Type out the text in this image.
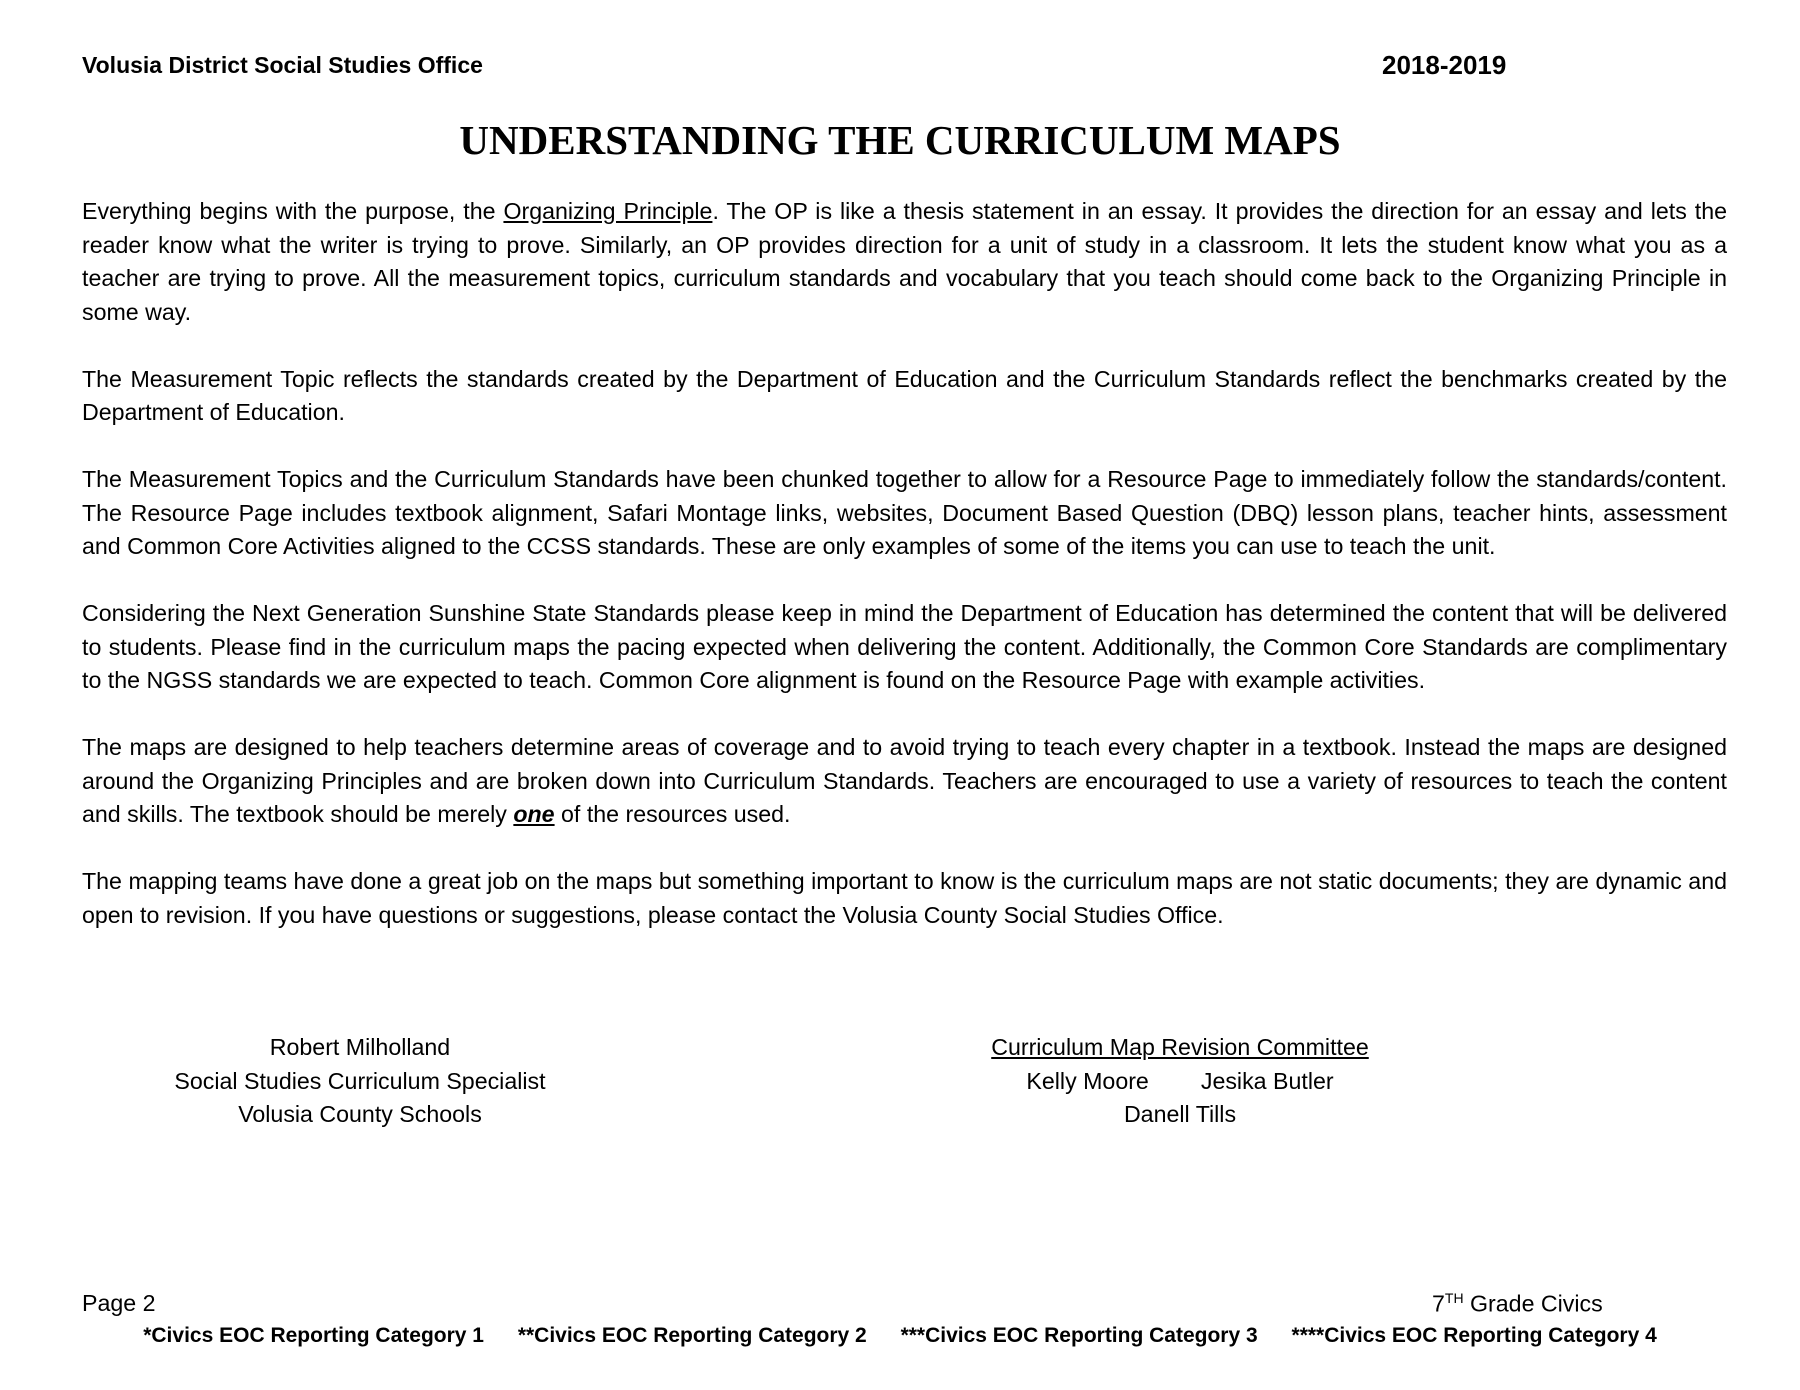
Volusia District Social Studies Office	2018-2019
UNDERSTANDING THE CURRICULUM MAPS

Everything begins with the purpose, the Organizing Principle. The OP is like a thesis statement in an essay. It provides the direction for an essay and lets the reader know what the writer is trying to prove. Similarly, an OP provides direction for a unit of study in a classroom. It lets the student know what you as a teacher are trying to prove. All the measurement topics, curriculum standards and vocabulary that you teach should come back to the Organizing Principle in some way.

The Measurement Topic reflects the standards created by the Department of Education and the Curriculum Standards reflect the benchmarks created by the Department of Education.

The Measurement Topics and the Curriculum Standards have been chunked together to allow for a Resource Page to immediately follow the standards/content. The Resource Page includes textbook alignment, Safari Montage links, websites, Document Based Question (DBQ) lesson plans, teacher hints, assessment and Common Core Activities aligned to the CCSS standards. These are only examples of some of the items you can use to teach the unit.

Considering the Next Generation Sunshine State Standards please keep in mind the Department of Education has determined the content that will be delivered to students. Please find in the curriculum maps the pacing expected when delivering the content. Additionally, the Common Core Standards are complimentary to the NGSS standards we are expected to teach. Common Core alignment is found on the Resource Page with example activities.

The maps are designed to help teachers determine areas of coverage and to avoid trying to teach every chapter in a textbook. Instead the maps are designed around the Organizing Principles and are broken down into Curriculum Standards. Teachers are encouraged to use a variety of resources to teach the content and skills. The textbook should be merely one of the resources used.

The mapping teams have done a great job on the maps but something important to know is the curriculum maps are not static documents; they are dynamic and open to revision. If you have questions or suggestions, please contact the Volusia County Social Studies Office.

Robert Milholland
Social Studies Curriculum Specialist
Volusia County Schools
Curriculum Map Revision Committee
Kelly Moore Jesika Butler
Danell Tills
Page 2	7TH Grade Civics
*Civics EOC Reporting Category 1 **Civics EOC Reporting Category 2 ***Civics EOC Reporting Category 3 ****Civics EOC Reporting Category 4
